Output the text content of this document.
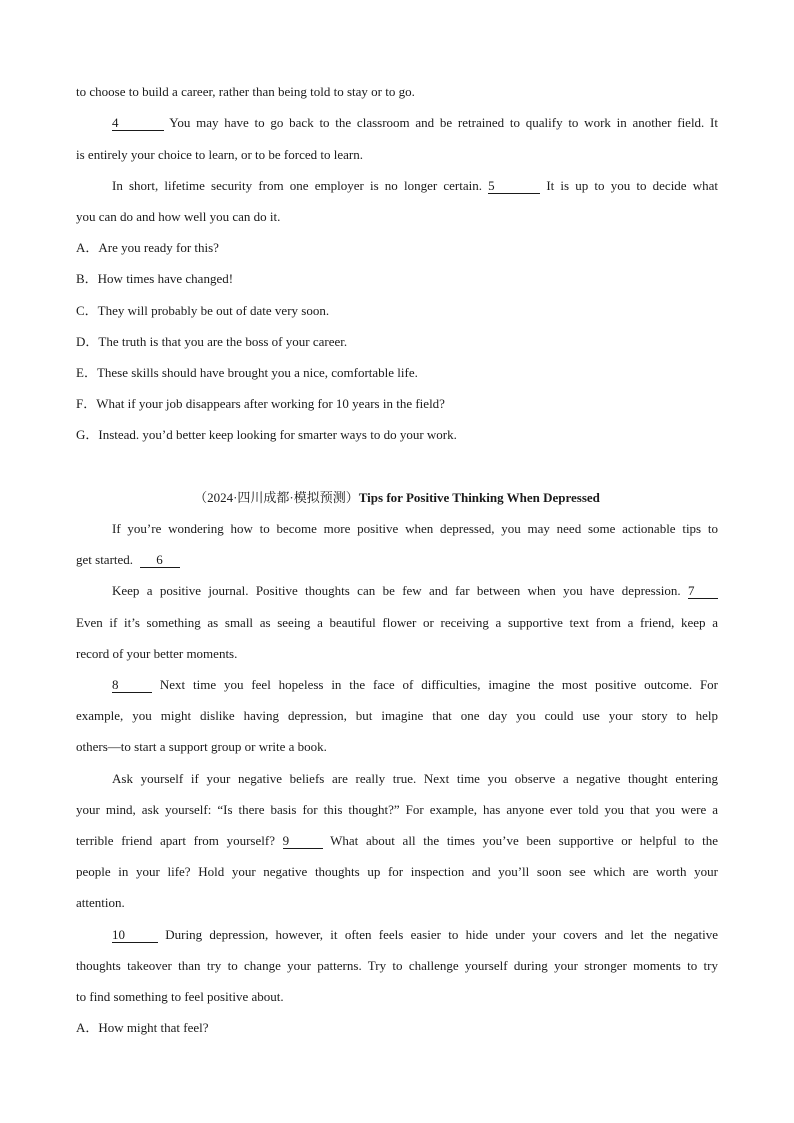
to choose to build a career, rather than being told to stay or to go.
4	You may have to go back to the classroom and be retrained to qualify to work in another field. It
is entirely your choice to learn, or to be forced to learn.
In short, lifetime security from one employer is no longer certain. 5	It is up to you to decide what
you can do and how well you can do it.
A．Are you ready for this?
B．How times have changed!
C．They will probably be out of date very soon.
D．The truth is that you are the boss of your career.
E．These skills should have brought you a nice, comfortable life.
F．What if your job disappears after working for 10 years in the field?
G．Instead. you’d better keep looking for smarter ways to do your work.
（2024·四川成都·模拟预测）Tips for Positive Thinking When Depressed
If you’re wondering how to become more positive when depressed, you may need some actionable tips to
get started. 6
Keep a positive journal. Positive thoughts can be few and far between when you have depression. 7
Even if it’s something as small as seeing a beautiful flower or receiving a supportive text from a friend, keep a
record of your better moments.
8	Next time you feel hopeless in the face of difficulties, imagine the most positive outcome. For
example, you might dislike having depression, but imagine that one day you could use your story to help
others—to start a support group or write a book.
Ask yourself if your negative beliefs are really true. Next time you observe a negative thought entering
your mind, ask yourself: “Is there basis for this thought?” For example, has anyone ever told you that you were a
terrible friend apart from yourself? 9	What about all the times you’ve been supportive or helpful to the
people in your life? Hold your negative thoughts up for inspection and you’ll soon see which are worth your
attention.
10	During depression, however, it often feels easier to hide under your covers and let the negative
thoughts takeover than try to change your patterns. Try to challenge yourself during your stronger moments to try
to find something to feel positive about.
A．How might that feel?
